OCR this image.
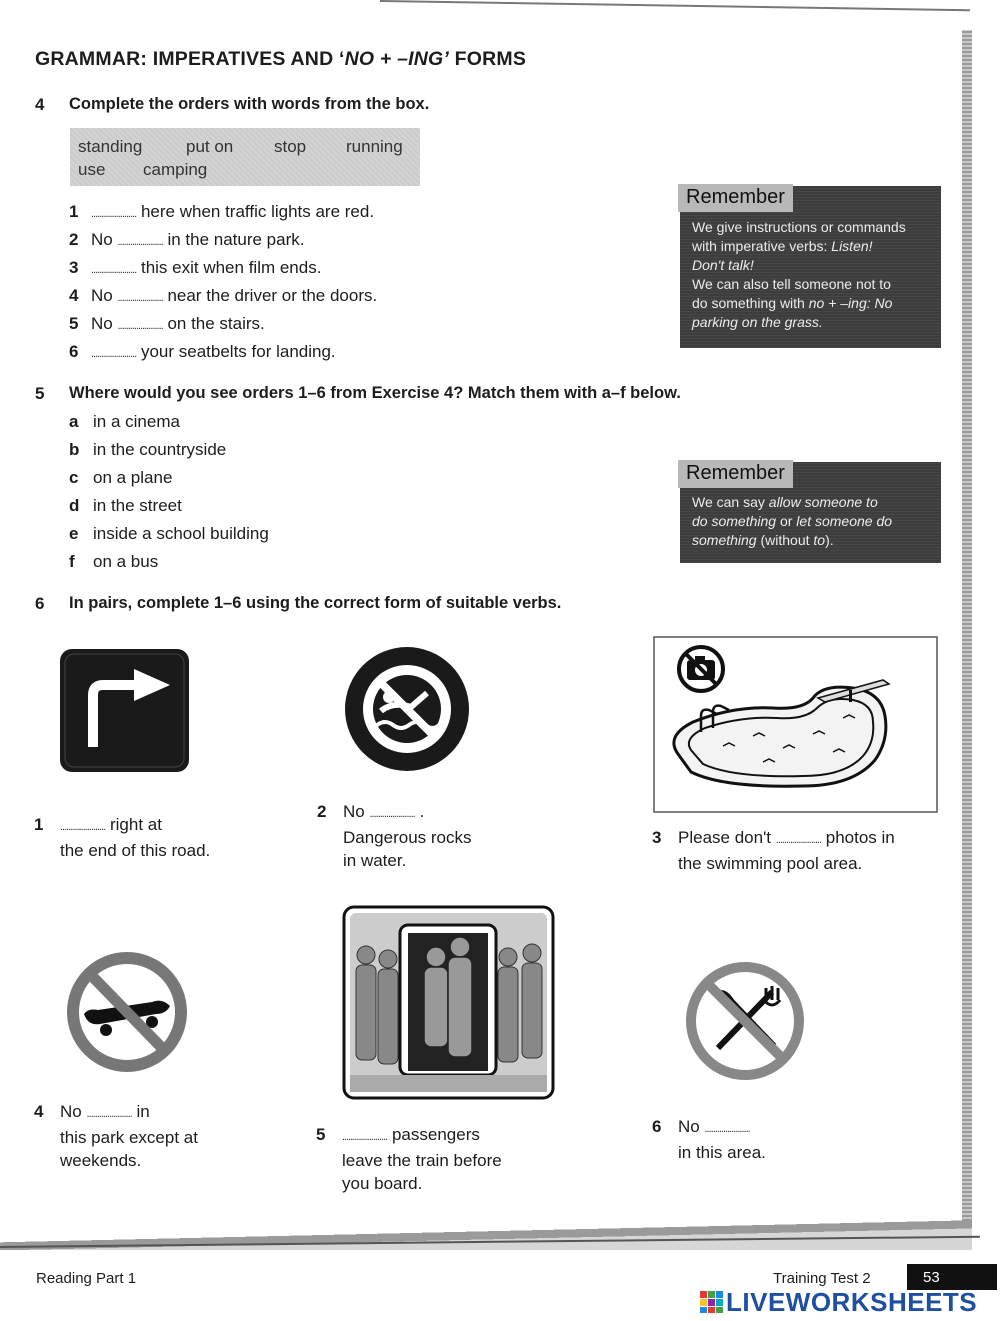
GRAMMAR: IMPERATIVES AND ‘NO + –ING’ FORMS
4 Complete the orders with words from the box.
standing	put on stop running
use camping
1	...................... here when traffic lights are red.
2 No ...................... in the nature park.
3	...................... this exit when film ends.
4 No ...................... near the driver or the doors.
5 No ...................... on the stairs.
6	...................... your seatbelts for landing.
Remember
We give instructions or commands
with imperative verbs: Listen!
Don't talk!
We can also tell someone not to
do something with no + –ing: No
parking on the grass.
5 Where would you see orders 1–6 from Exercise 4? Match them with a–f below.
a in a cinema
b in the countryside
c on a plane
d in the street
e inside a school building
f on a bus
Remember
We can say allow someone to
do something or let someone do
something (without to).
6 In pairs, complete 1–6 using the correct form of suitable verbs.
1 ...................... right at
the end of this road.
2 No ...................... .
Dangerous rocks
in water.
3 Please don't ...................... photos in
the swimming pool area.
4 No ...................... in
this park except at
weekends.
5 ...................... passengers
leave the train before
you board.
6 No ......................
in this area.
Reading Part 1	Training Test 2	53
LIVEWORKSHEETS
